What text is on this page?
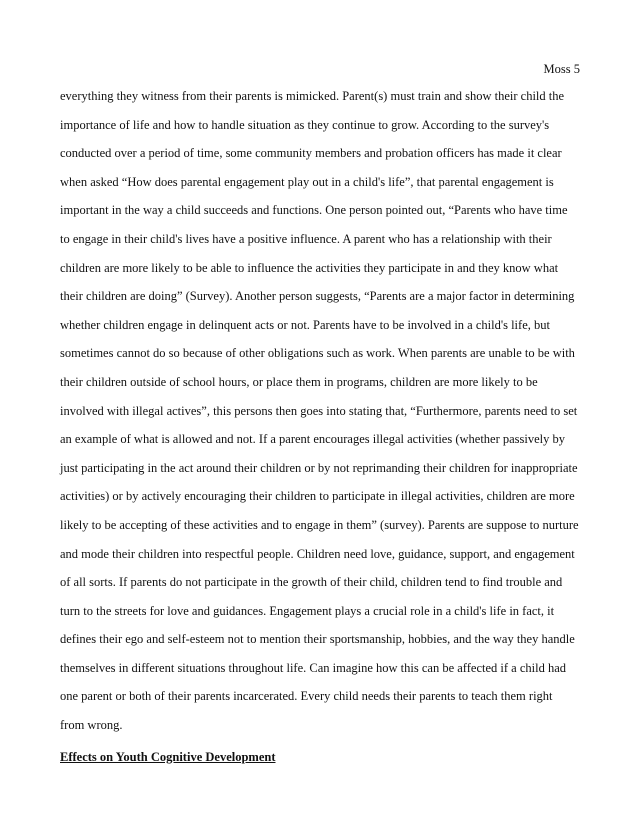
Moss 5
everything they witness from their parents is mimicked. Parent(s) must train and show their child the
importance of life and how to handle situation as they continue to grow. According to the survey's
conducted over a period of time, some community members and probation officers has made it clear
when asked “How does parental engagement play out in a child's life”, that parental engagement is
important in the way a child succeeds and functions. One person pointed out, “Parents who have time
to engage in their child's lives have a positive influence. A parent who has a relationship with their
children are more likely to be able to influence the activities they participate in and they know what
their children are doing” (Survey). Another person suggests, “Parents are a major factor in determining
whether children engage in delinquent acts or not. Parents have to be involved in a child's life, but
sometimes cannot do so because of other obligations such as work. When parents are unable to be with
their children outside of school hours, or place them in programs, children are more likely to be
involved with illegal actives”, this persons then goes into stating that, “Furthermore, parents need to set
an example of what is allowed and not. If a parent encourages illegal activities (whether passively by
just participating in the act around their children or by not reprimanding their children for inappropriate
activities) or by actively encouraging their children to participate in illegal activities, children are more
likely to be accepting of these activities and to engage in them” (survey). Parents are suppose to nurture
and mode their children into respectful people. Children need love, guidance, support, and engagement
of all sorts. If parents do not participate in the growth of their child, children tend to find trouble and
turn to the streets for love and guidances. Engagement plays a crucial role in a child's life in fact, it
defines their ego and self-esteem not to mention their sportsmanship, hobbies, and the way they handle
themselves in different situations throughout life. Can imagine how this can be affected if a child had
one parent or both of their parents incarcerated. Every child needs their parents to teach them right
from wrong.
Effects on Youth Cognitive Development
